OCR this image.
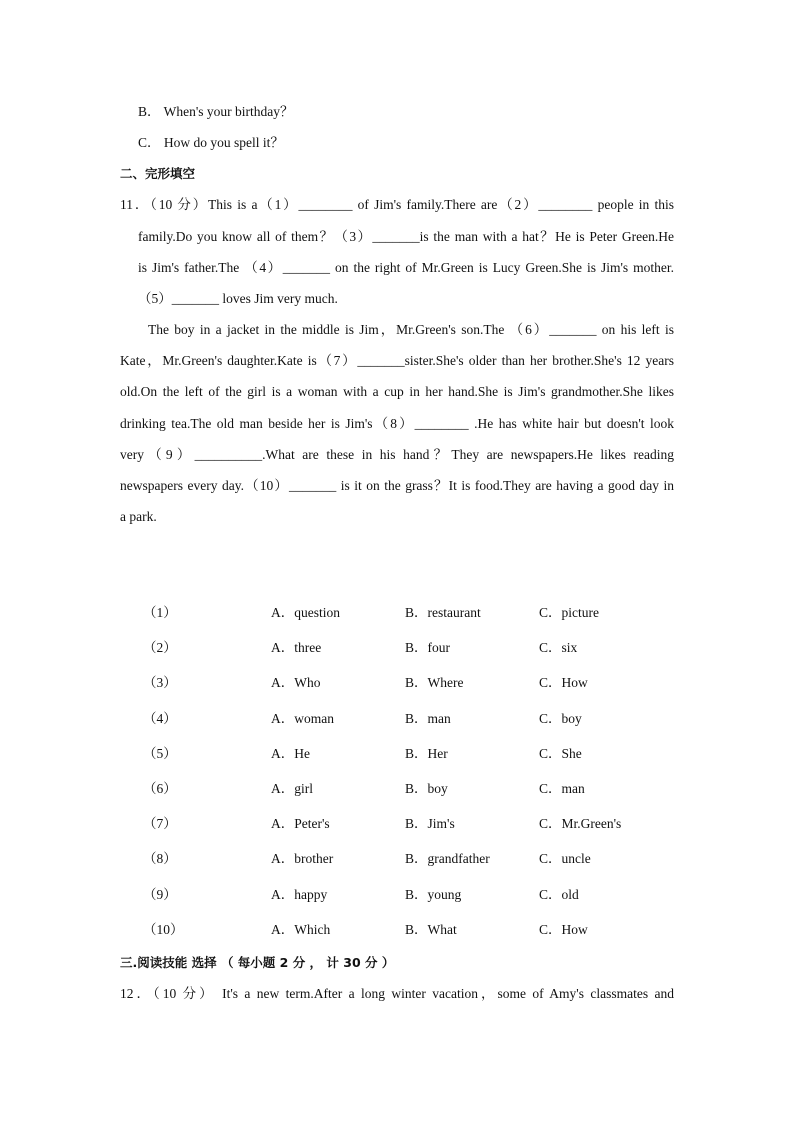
B． When's your birthday？
C． How do you spell it？
二、完形填空
11．（10 分）This is a（1）________ of Jim's family.There are（2）________ people in this
family.Do you know all of them？（3）_______is the man with a hat？He is Peter Green.He
is Jim's father.The （4）_______ on the right of Mr.Green is Lucy Green.She is Jim's mother.
（5）_______ loves Jim very much.
The boy in a jacket in the middle is Jim，Mr.Green's son.The （6）_______ on his left is
Kate，Mr.Green's daughter.Kate is（7）_______sister.She's older than her brother.She's 12 years
old.On the left of the girl is a woman with a cup in her hand.She is Jim's grandmother.She likes
drinking tea.The old man beside her is Jim's（8）________ .He has white hair but doesn't look
very（9）__________.What are these in his hand？They are newspapers.He likes reading
newspapers every day.（10）_______ is it on the grass？It is food.They are having a good day in
a park.
（1）	A．question	B．restaurant	C．picture
（2）	A．three	B．four	C．six
（3）	A．Who	B．Where	C．How
（4）	A．woman	B．man	C．boy
（5）	A．He	B．Her	C．She
（6）	A．girl	B．boy	C．man
（7）	A．Peter's	B．Jim's	C．Mr.Green's
（8）	A．brother	B．grandfather	C．uncle
（9）	A．happy	B．young	C．old
（10）	A．Which	B．What	C．How
三.阅读技能 选择 （ 每小题 2 分 ， 计 30 分 ）
12．（10 分） It's a new term.After a long winter vacation，some of Amy's classmates and
